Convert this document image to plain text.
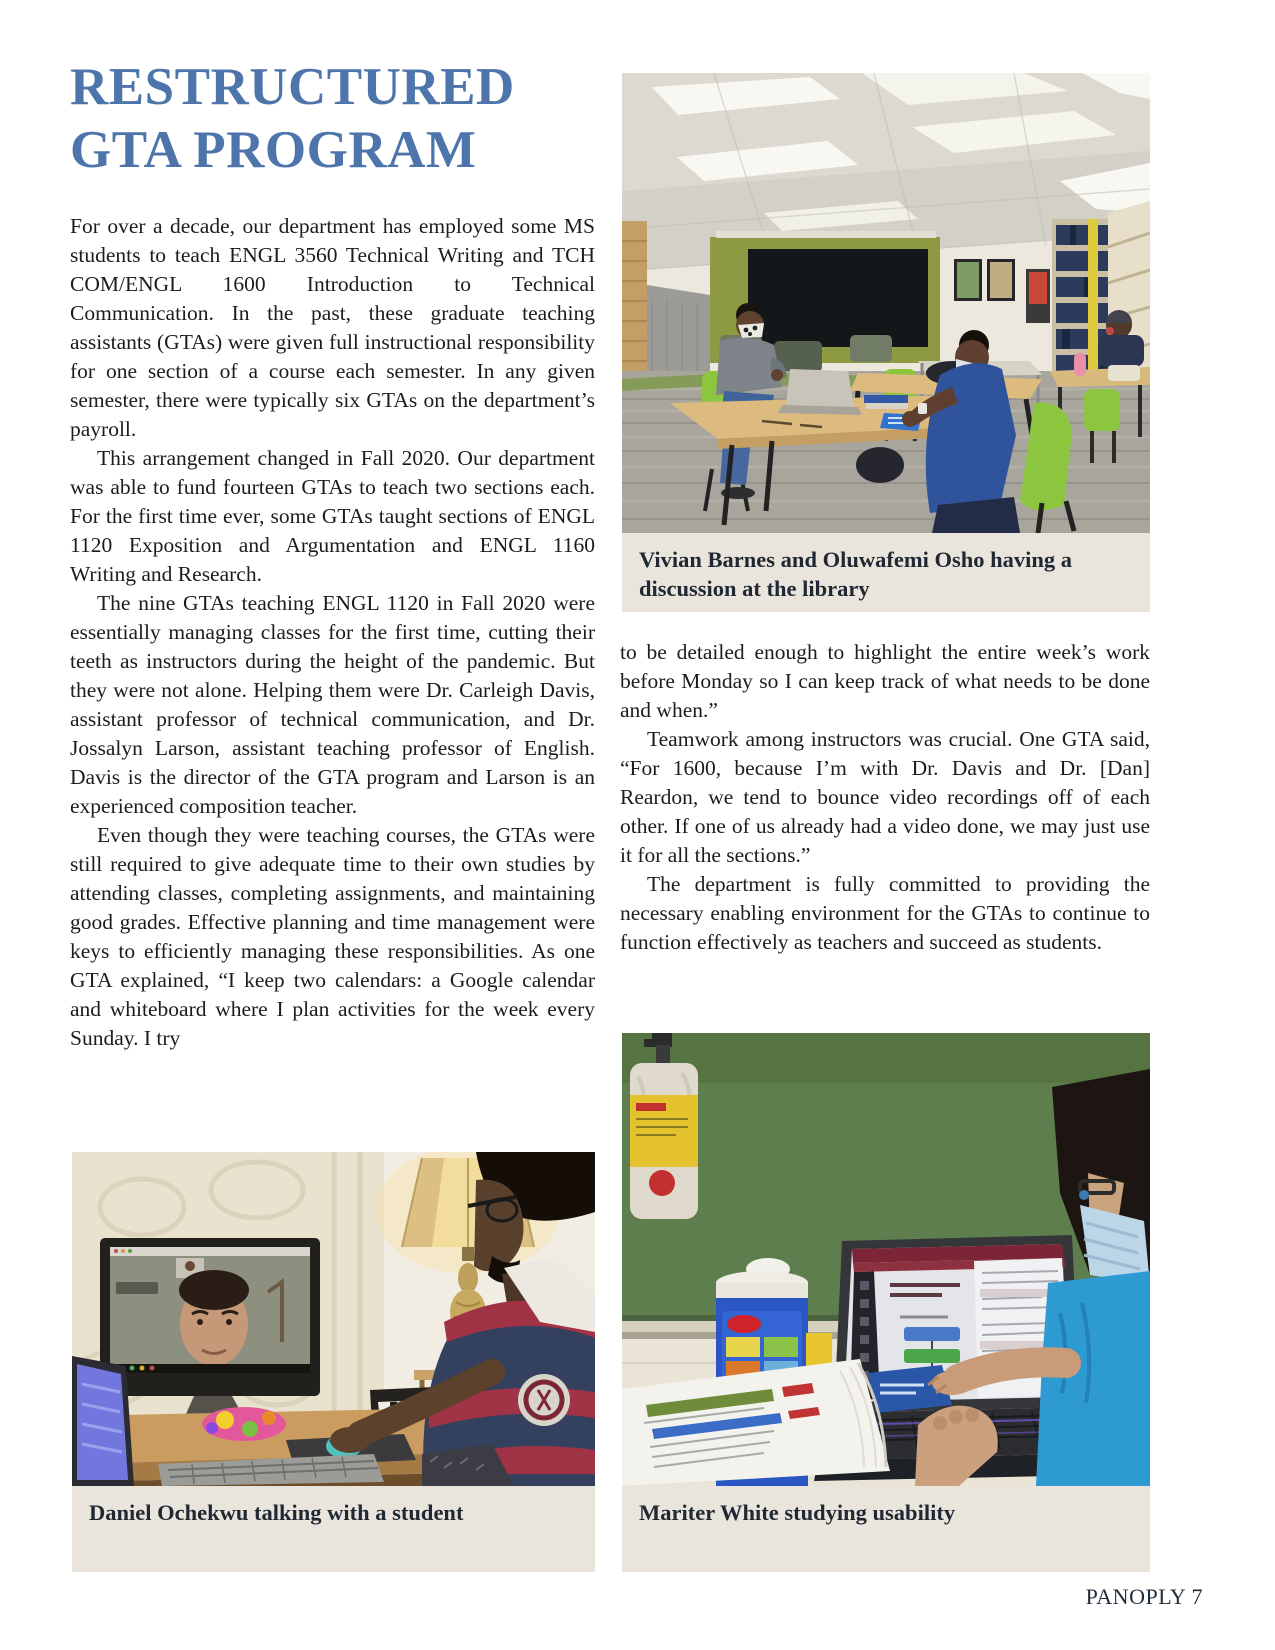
RESTRUCTURED GTA PROGRAM

For over a decade, our department has employed some MS students to teach ENGL 3560 Technical Writing and TCH COM/ENGL 1600 Introduction to Technical Communication. In the past, these graduate teaching assistants (GTAs) were given full instructional responsibility for one section of a course each semester. In any given semester, there were typically six GTAs on the department’s payroll.

This arrangement changed in Fall 2020. Our department was able to fund fourteen GTAs to teach two sections each. For the first time ever, some GTAs taught sections of ENGL 1120 Exposition and Argumentation and ENGL 1160 Writing and Research.

The nine GTAs teaching ENGL 1120 in Fall 2020 were essentially managing classes for the first time, cutting their teeth as instructors during the height of the pandemic. But they were not alone. Helping them were Dr. Carleigh Davis, assistant professor of technical communication, and Dr. Jossalyn Larson, assistant teaching professor of English. Davis is the director of the GTA program and Larson is an experienced composition teacher.

Even though they were teaching courses, the GTAs were still required to give adequate time to their own studies by attending classes, completing assignments, and maintaining good grades. Effective planning and time management were keys to efficiently managing these responsibilities. As one GTA explained, “I keep two calendars: a Google calendar and whiteboard where I plan activities for the week every Sunday. I try

to be detailed enough to highlight the entire week’s work before Monday so I can keep track of what needs to be done and when.”

Teamwork among instructors was crucial. One GTA said, “For 1600, because I’m with Dr. Davis and Dr. [Dan] Reardon, we tend to bounce video recordings off of each other. If one of us already had a video done, we may just use it for all the sections.”

The department is fully committed to providing the necessary enabling environment for the GTAs to continue to function effectively as teachers and succeed as students.

Vivian Barnes and Oluwafemi Osho having a discussion at the library

Daniel Ochekwu talking with a student	Mariter White studying usability

PANOPLY 7
